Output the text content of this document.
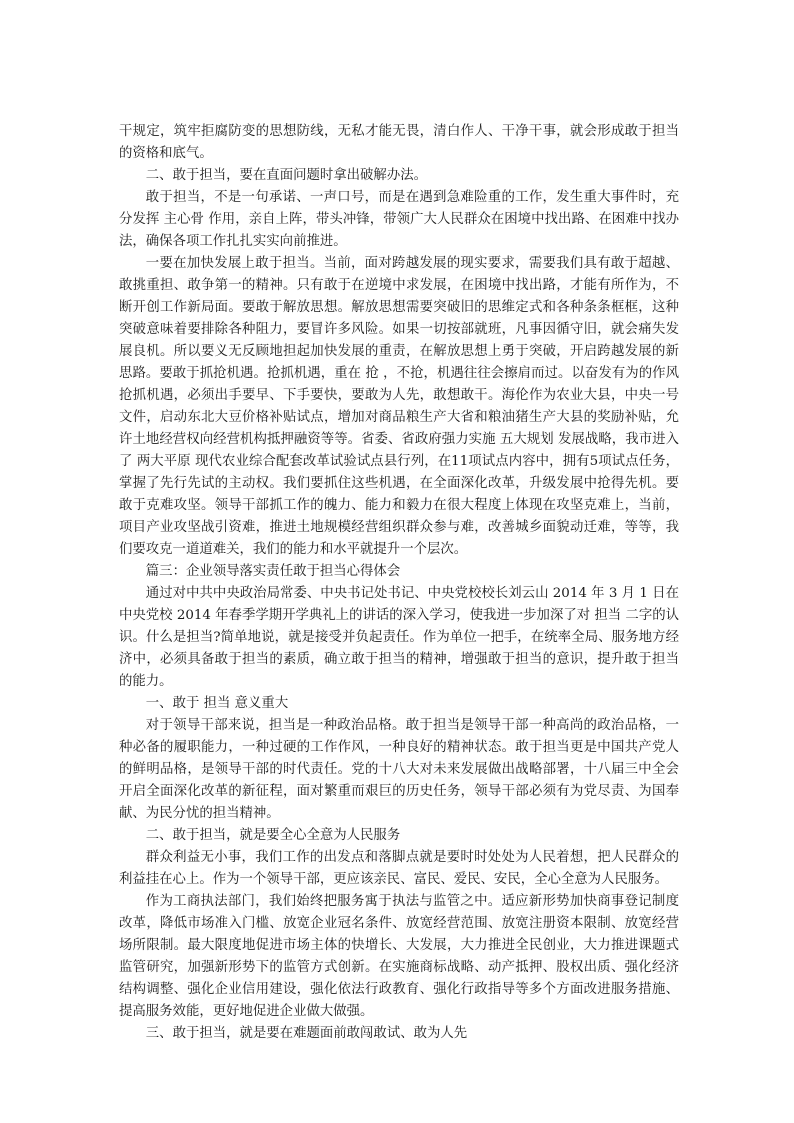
干规定，筑牢拒腐防变的思想防线，无私才能无畏，清白作人、干净干事，就会形成敢于担当的资格和底气。

二、敢于担当，要在直面问题时拿出破解办法。

敢于担当，不是一句承诺、一声口号，而是在遇到急难险重的工作，发生重大事件时，充分发挥 主心骨 作用，亲自上阵，带头冲锋，带领广大人民群众在困境中找出路、在困难中找办法，确保各项工作扎扎实实向前推进。

一要在加快发展上敢于担当。当前，面对跨越发展的现实要求，需要我们具有敢于超越、敢挑重担、敢争第一的精神。只有敢于在逆境中求发展，在困境中找出路，才能有所作为，不断开创工作新局面。要敢于解放思想。解放思想需要突破旧的思维定式和各种条条框框，这种突破意味着要排除各种阻力，要冒许多风险。如果一切按部就班，凡事因循守旧，就会痛失发展良机。所以要义无反顾地担起加快发展的重责，在解放思想上勇于突破，开启跨越发展的新思路。要敢于抓抢机遇。抢抓机遇，重在 抢 ，不抢，机遇往往会擦肩而过。以奋发有为的作风抢抓机遇，必须出手要早、下手要快，要敢为人先，敢想敢干。海伦作为农业大县，中央一号文件，启动东北大豆价格补贴试点，增加对商品粮生产大省和粮油猪生产大县的奖励补贴，允许土地经营权向经营机构抵押融资等等。省委、省政府强力实施 五大规划 发展战略，我市进入了 两大平原 现代农业综合配套改革试验试点县行列，在11项试点内容中，拥有5项试点任务，掌握了先行先试的主动权。我们要抓住这些机遇，在全面深化改革，升级发展中抢得先机。要敢于克难攻坚。领导干部抓工作的魄力、能力和毅力在很大程度上体现在攻坚克难上，当前，项目产业攻坚战引资难，推进土地规模经营组织群众参与难，改善城乡面貌动迁难，等等，我们要攻克一道道难关，我们的能力和水平就提升一个层次。

篇三：企业领导落实责任敢于担当心得体会

通过对中共中央政治局常委、中央书记处书记、中央党校校长刘云山 2014 年 3 月 1 日在中央党校 2014 年春季学期开学典礼上的讲话的深入学习，使我进一步加深了对 担当 二字的认识。什么是担当?简单地说，就是接受并负起责任。作为单位一把手，在统率全局、服务地方经济中，必须具备敢于担当的素质，确立敢于担当的精神，增强敢于担当的意识，提升敢于担当的能力。

一、敢于 担当 意义重大

对于领导干部来说，担当是一种政治品格。敢于担当是领导干部一种高尚的政治品格，一种必备的履职能力，一种过硬的工作作风，一种良好的精神状态。敢于担当更是中国共产党人的鲜明品格，是领导干部的时代责任。党的十八大对未来发展做出战略部署，十八届三中全会开启全面深化改革的新征程，面对繁重而艰巨的历史任务，领导干部必须有为党尽责、为国奉献、为民分忧的担当精神。

二、敢于担当，就是要全心全意为人民服务

群众利益无小事，我们工作的出发点和落脚点就是要时时处处为人民着想，把人民群众的利益挂在心上。作为一个领导干部，更应该亲民、富民、爱民、安民，全心全意为人民服务。

作为工商执法部门，我们始终把服务寓于执法与监管之中。适应新形势加快商事登记制度改革，降低市场准入门槛、放宽企业冠名条件、放宽经营范围、放宽注册资本限制、放宽经营场所限制。最大限度地促进市场主体的快增长、大发展，大力推进全民创业，大力推进课题式 监管研究，加强新形势下的监管方式创新。在实施商标战略、动产抵押、股权出质、强化经济结构调整、强化企业信用建设，强化依法行政教育、强化行政指导等多个方面改进服务措施、提高服务效能，更好地促进企业做大做强。

三、敢于担当，就是要在难题面前敢闯敢试、敢为人先
